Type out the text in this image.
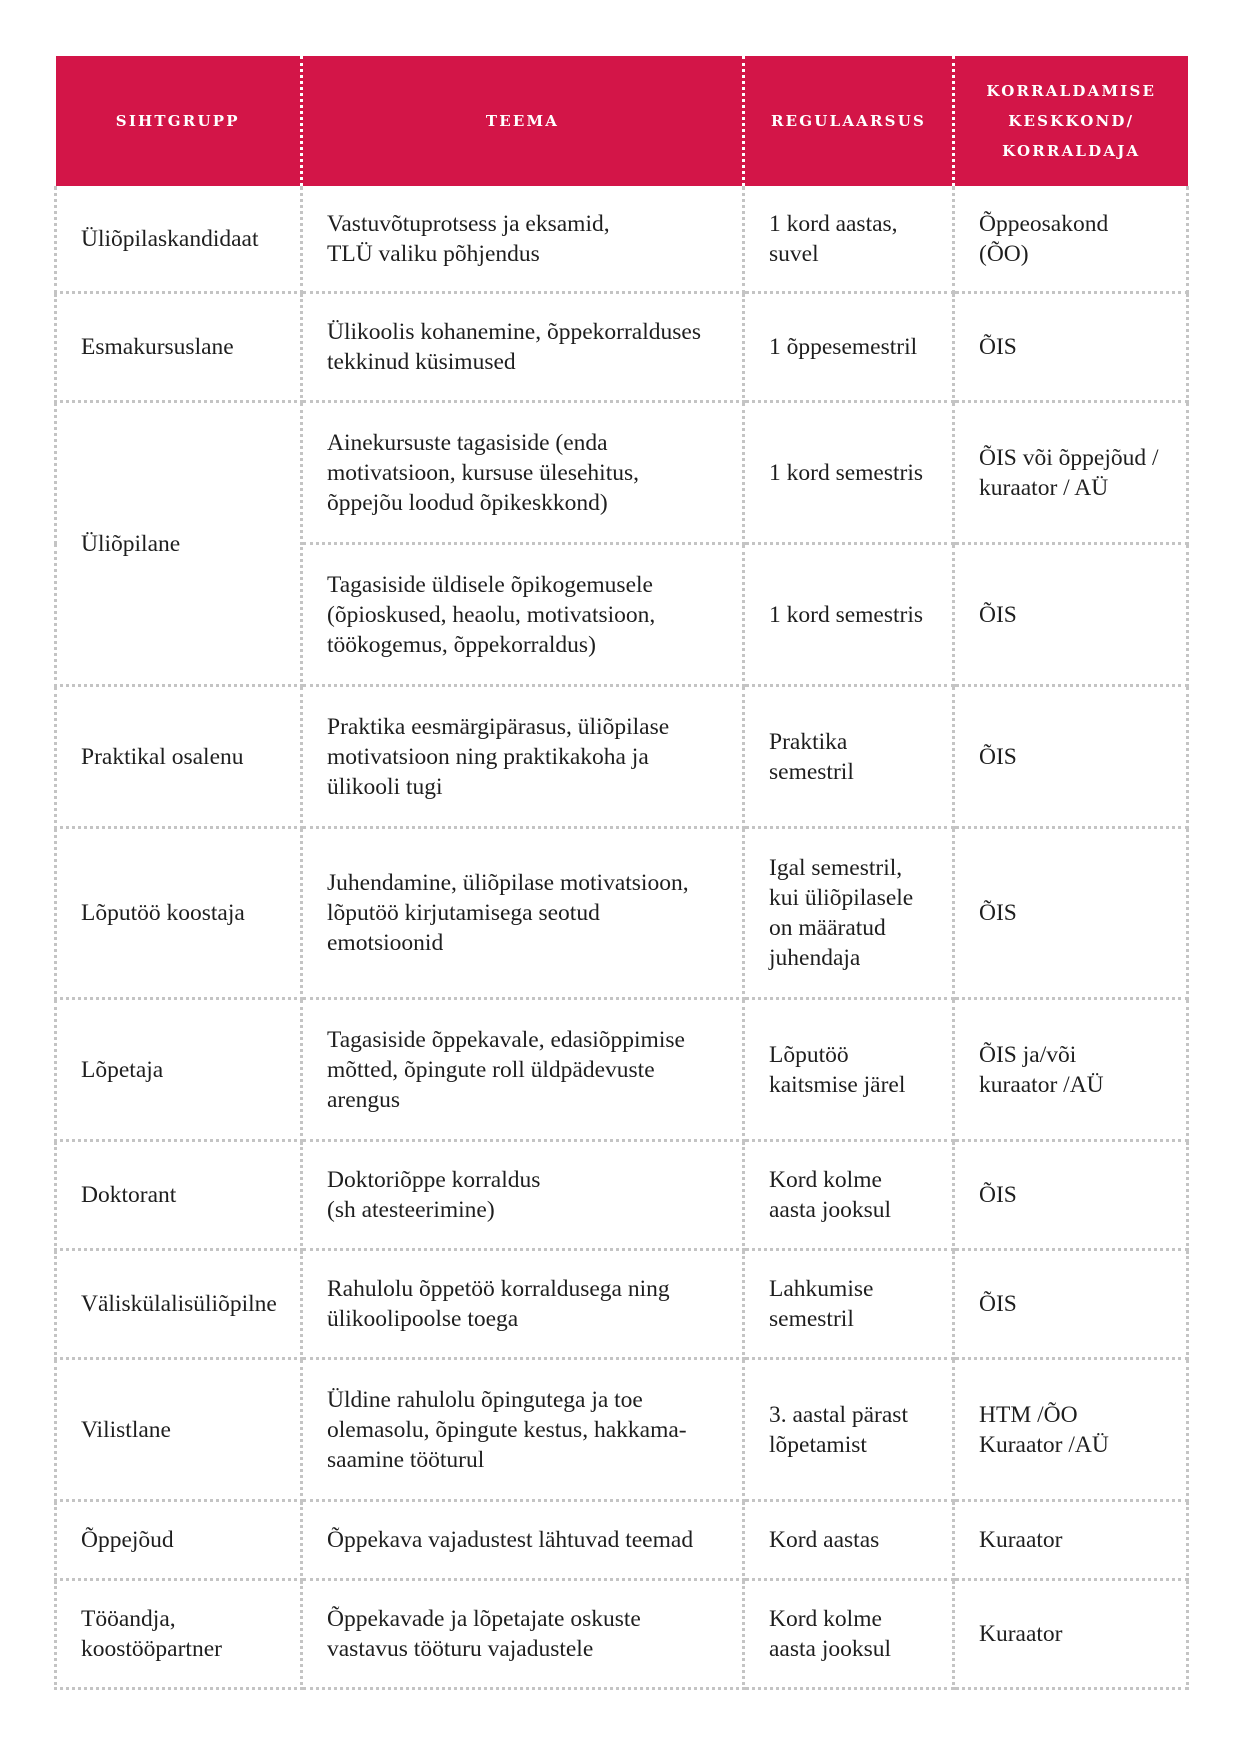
SIHTGRUPP	TEEMA	REGULAARSUS	KORRALDAMISE
KESKKOND/
KORRALDAJA

Üliõpilaskandidaat	Vastuvõtuprotsess ja eksamid,
TLÜ valiku põhjendus	1 kord aastas,
suvel	Õppeosakond
(ÕO)

Esmakursuslane	Ülikoolis kohanemine, õppekorralduses
tekkinud küsimused	1 õppesemestril	ÕIS

Üliõpilane	Ainekursuste tagasiside (enda
motivatsioon, kursuse ülesehitus,
õppejõu loodud õpikeskkond)	1 kord semestris	ÕIS või õppejõud /
kuraator / AÜ

	Tagasiside üldisele õpikogemusele
(õpioskused, heaolu, motivatsioon,
töökogemus, õppekorraldus)	1 kord semestris	ÕIS

Praktikal osalenu	Praktika eesmärgipärasus, üliõpilase
motivatsioon ning praktikakoha ja
ülikooli tugi	Praktika
semestril	ÕIS

Lõputöö koostaja	Juhendamine, üliõpilase motivatsioon,
lõputöö kirjutamisega seotud
emotsioonid	Igal semestril,
kui üliõpilasele
on määratud
juhendaja	ÕIS

Lõpetaja	Tagasiside õppekavale, edasiõppimise
mõtted, õpingute roll üldpädevuste
arengus	Lõputöö
kaitsmise järel	ÕIS ja/või
kuraator /AÜ

Doktorant	Doktoriõppe korraldus
(sh atesteerimine)	Kord kolme
aasta jooksul	ÕIS

Väliskülalisüliõpilne	Rahulolu õppetöö korraldusega ning
ülikoolipoolse toega	Lahkumise
semestril	ÕIS

Vilistlane	Üldine rahulolu õpingutega ja toe
olemasolu, õpingute kestus, hakkama-
saamine tööturul	3. aastal pärast
lõpetamist	HTM /ÕO
Kuraator /AÜ

Õppejõud	Õppekava vajadustest lähtuvad teemad	Kord aastas	Kuraator

Tööandja,
koostööpartner	Õppekavade ja lõpetajate oskuste
vastavus tööturu vajadustele	Kord kolme
aasta jooksul	Kuraator
